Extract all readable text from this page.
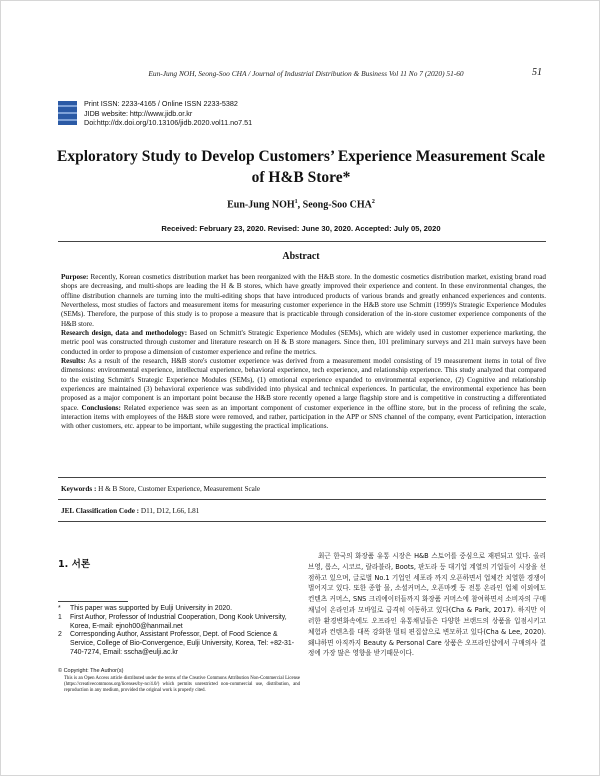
Eun-Jung NOH, Seong-Soo CHA / Journal of Industrial Distribution & Business Vol 11 No 7 (2020) 51-60	51
Print ISSN: 2233-4165 / Online ISSN 2233-5382
JIDB website: http://www.jidb.or.kr
Doi:http://dx.doi.org/10.13106/jidb.2020.vol11.no7.51
Exploratory Study to Develop Customers’ Experience Measurement Scale of H&B Store*
Eun-Jung NOH$^1$, Seong-Soo CHA$^2$
Received: February 23, 2020. Revised: June 30, 2020. Accepted: July 05, 2020
Abstract

Purpose: Recently, Korean cosmetics distribution market has been reorganized with the H&B store. In the domestic cosmetics distribution market, existing brand road shops are decreasing, and multi-shops are leading the H & B stores, which have greatly improved their experience and content. In these environmental changes, the offline distribution channels are turning into the multi-editing shops that have introduced products of various brands and greatly enhanced experiences and contents. Nevertheless, most studies of factors and measurement items for measuring customer experience in the H&B store use Schmitt (1999)'s Strategic Experience Modules (SEMs). Therefore, the purpose of this study is to propose a measure that is practicable through consideration of the in-store customer experience components of the H&B store.

Research design, data and methodology: Based on Schmitt's Strategic Experience Modules (SEMs), which are widely used in customer experience marketing, the metric pool was constructed through customer and literature research on H & B store managers. Since then, 101 preliminary surveys and 211 main surveys have been conducted in order to propose a dimension of customer experience and refine the metrics.

Results: As a result of the research, H&B store's customer experience was derived from a measurement model consisting of 19 measurement items in total of five dimensions: environmental experience, intellectual experience, behavioral experience, tech experience, and relationship experience. This study analyzed that compared to the existing Schmitt's Strategic Experience Modules (SEMs), (1) emotional experience expanded to environmental experience, (2) Cognitive and relationship experiences are maintained (3) behavioral experience was subdivided into physical and technical experiences. In particular, the environmental experience has been proposed as a major component is an important point because the H&B store recently opened a large flagship store and is competitive in constructing a differentiated space. Conclusions: Related experience was seen as an important component of customer experience in the offline store, but in the process of refining the scale, interaction items with employees of the H&B store were removed, and rather, participation in the APP or SNS channel of the company, event Participation, interaction with other customers, etc. appear to be important, while suggesting the practical implications.

Keywords : H & B Store, Customer Experience, Measurement Scale
JEL Classification Code : D11, D12, L66, L81
1. 서론
*	This paper was supported by Eulji University in 2020.
1	First Author, Professor of Industrial Cooperation, Dong Kook University, Korea, E-mail: ejnoh00@hanmail.net
2	Corresponding Author, Assistant Professor, Dept. of Food Science & Service, College of Bio-Convergence, Eulji University, Korea, Tel: +82-31-740-7274, Email: sscha@eulji.ac.kr
© Copyright: The Author(s)
This is an Open Access article distributed under the terms of the Creative Commons Attribution Non-Commercial License (https://creativecommons.org/licenses/by-nc/4.0/) which permits unrestricted non-commercial use, distribution, and reproduction in any medium, provided the original work is properly cited.

최근 한국의 화장품 유통 시장은 H&B 스토어를 중심으로 재편되고 있다. 올리브영, 롭스, 시코르, 랄라블라, Boots, 판도라 등 대기업 계열의 기업들이 시장을 선점하고 있으며, 글로벌 No.1 기업인 세포라 까지 오픈하면서 업체간 치열한 경쟁이 벌어지고 있다. 또한 종합 몰, 소셜커머스, 오픈마켓 등 전통 온라인 업체 이외에도 컨텐츠 커머스, SNS 크리에이터들까지 화장품 커머스에 참여하면서 소비자의 구매 채널이 온라인과 모바일로 급격히 이동하고 있다(Cha & Park, 2017). 하지만 이러한 환경변화속에도 오프라인 유통채널들은 다양한 브랜드의 상품을 입점시키고 체험과 컨텐츠를 대폭 강화한 멀티 편집샵으로 변모하고 있다(Cha & Lee, 2020). 왜냐하면 아직까지 Beauty & Personal Care 상품은 오프라인샵에서 구매의사 결정에 가장 많은 영향을 받기때문이다.
